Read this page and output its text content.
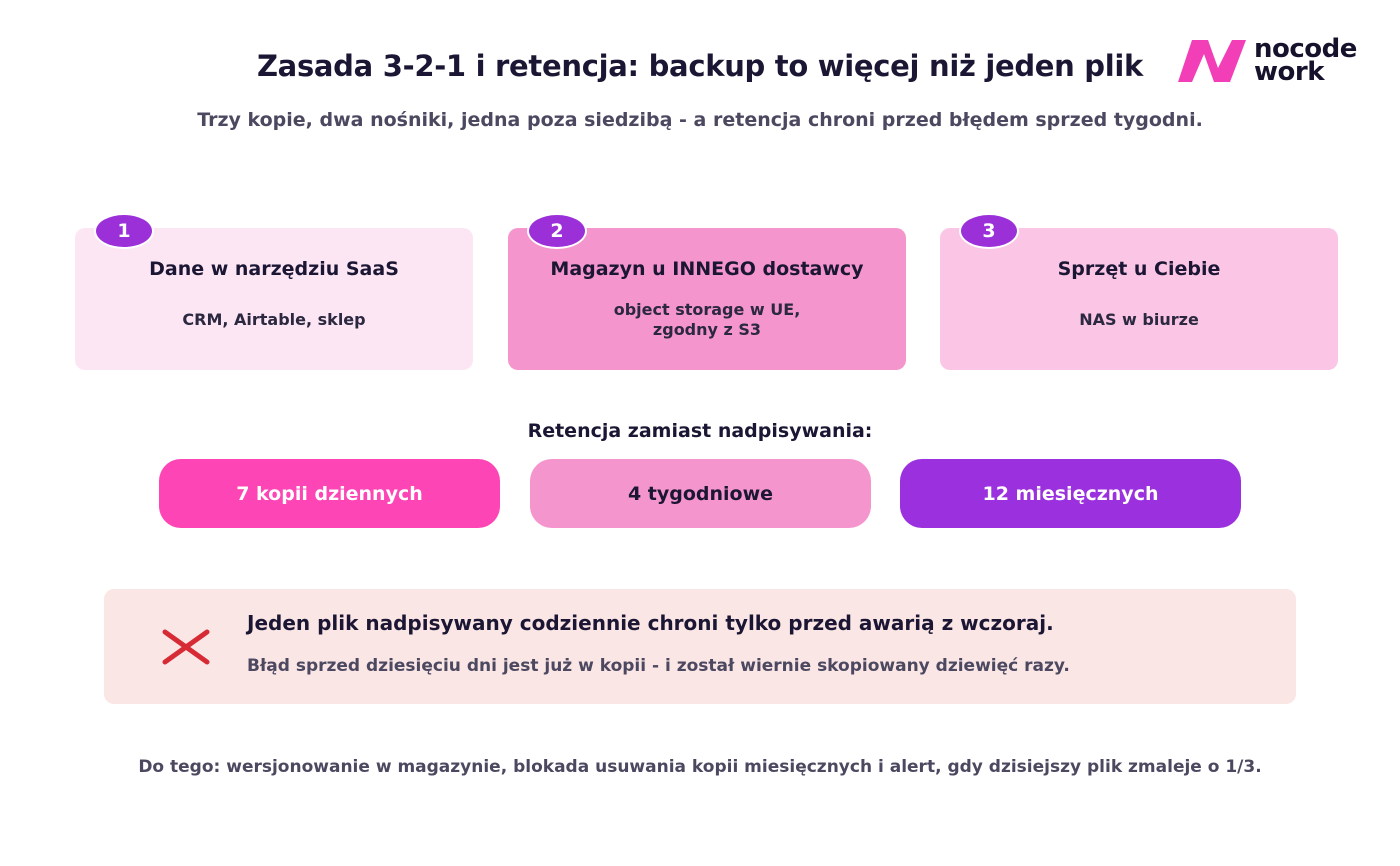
nocode
work
Zasada 3-2-1 i retencja: backup to więcej niż jeden plik
Trzy kopie, dwa nośniki, jedna poza siedzibą - a retencja chroni przed błędem sprzed tygodni.
1
Dane w narzędziu SaaS
CRM, Airtable, sklep
2
Magazyn u INNEGO dostawcy
object storage w UE,
zgodny z S3
3
Sprzęt u Ciebie
NAS w biurze
Retencja zamiast nadpisywania:
7 kopii dziennych	4 tygodniowe	12 miesięcznych
Jeden plik nadpisywany codziennie chroni tylko przed awarią z wczoraj.
Błąd sprzed dziesięciu dni jest już w kopii - i został wiernie skopiowany dziewięć razy.
Do tego: wersjonowanie w magazynie, blokada usuwania kopii miesięcznych i alert, gdy dzisiejszy plik zmaleje o 1/3.
